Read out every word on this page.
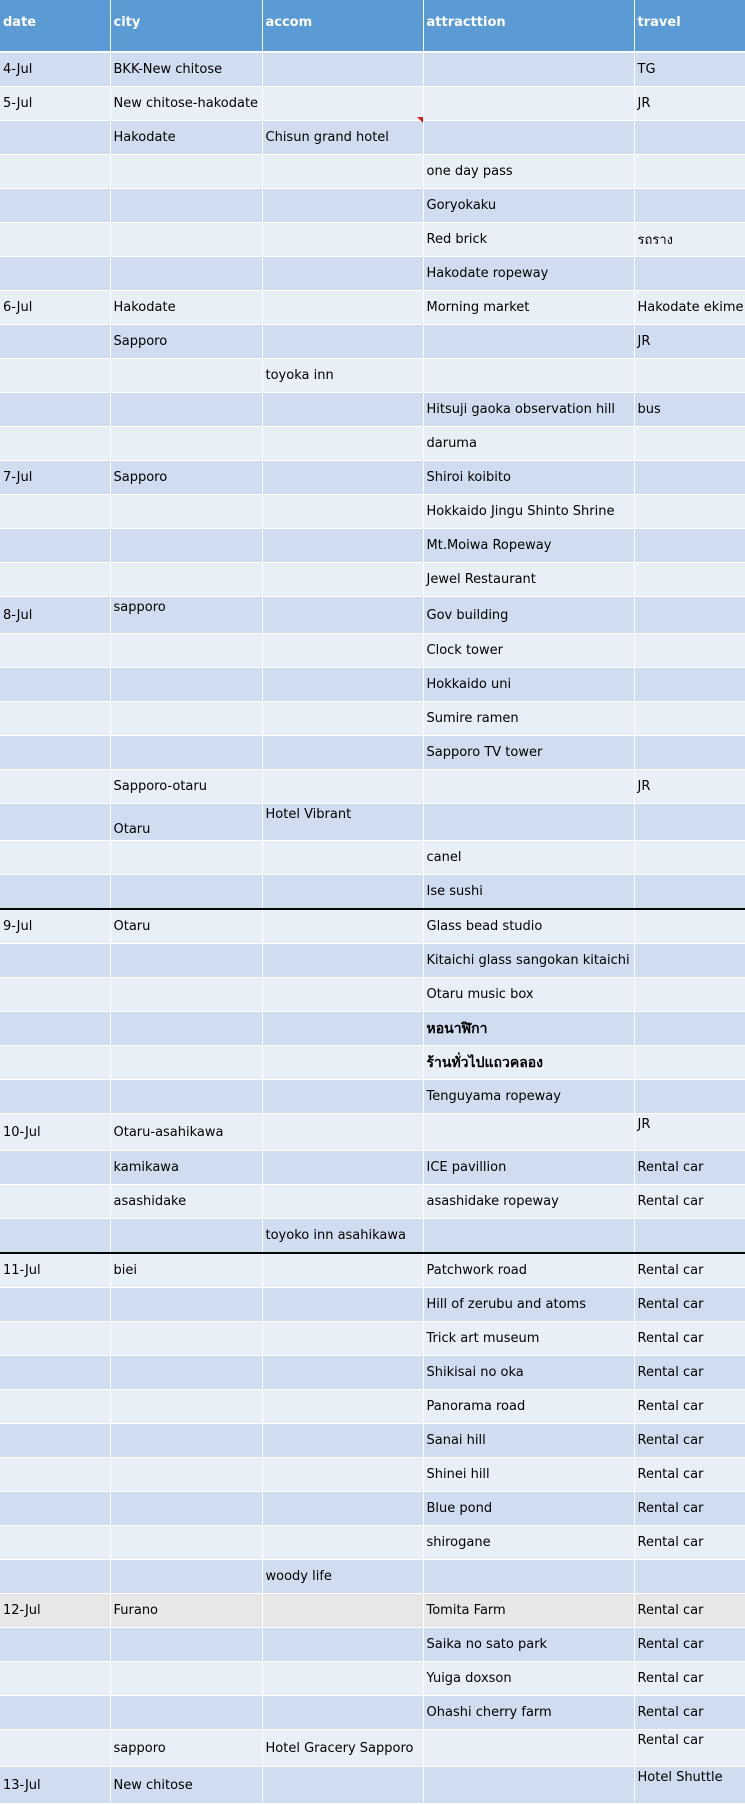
date	city	accom	attracttion	travel
4-Jul	BKK-New chitose			TG
5-Jul	New chitose-hakodate			JR
	Hakodate	Chisun grand hotel		
			one day pass	
			Goryokaku	
			Red brick	รถราง
			Hakodate ropeway	
6-Jul	Hakodate		Morning market	Hakodate ekime
	Sapporo			JR
		toyoka inn		
			Hitsuji gaoka observation hill	bus
			daruma	
7-Jul	Sapporo		Shiroi koibito	
			Hokkaido Jingu Shinto Shrine	
			Mt.Moiwa Ropeway	
			Jewel Restaurant	
8-Jul	sapporo		Gov building	
			Clock tower	
			Hokkaido uni	
			Sumire ramen	
			Sapporo TV tower	
	Sapporo-otaru			JR
	Otaru	Hotel Vibrant		
			canel	
			Ise sushi	
9-Jul	Otaru		Glass bead studio	
			Kitaichi glass sangokan kitaichi	
			Otaru music box	
			หอนาฬิกา	
			ร้านทั่วไปแถวคลอง	
			Tenguyama ropeway	
10-Jul	Otaru-asahikawa			JR
	kamikawa		ICE pavillion	Rental car
	asashidake		asashidake ropeway	Rental car
		toyoko inn asahikawa		
11-Jul	biei		Patchwork road	Rental car
			Hill of zerubu and atoms	Rental car
			Trick art museum	Rental car
			Shikisai no oka	Rental car
			Panorama road	Rental car
			Sanai hill	Rental car
			Shinei hill	Rental car
			Blue pond	Rental car
			shirogane	Rental car
		woody life		
12-Jul	Furano		Tomita Farm	Rental car
			Saika no sato park	Rental car
			Yuiga doxson	Rental car
			Ohashi cherry farm	Rental car
	sapporo	Hotel Gracery Sapporo		Rental car
13-Jul	New chitose			Hotel Shuttle
